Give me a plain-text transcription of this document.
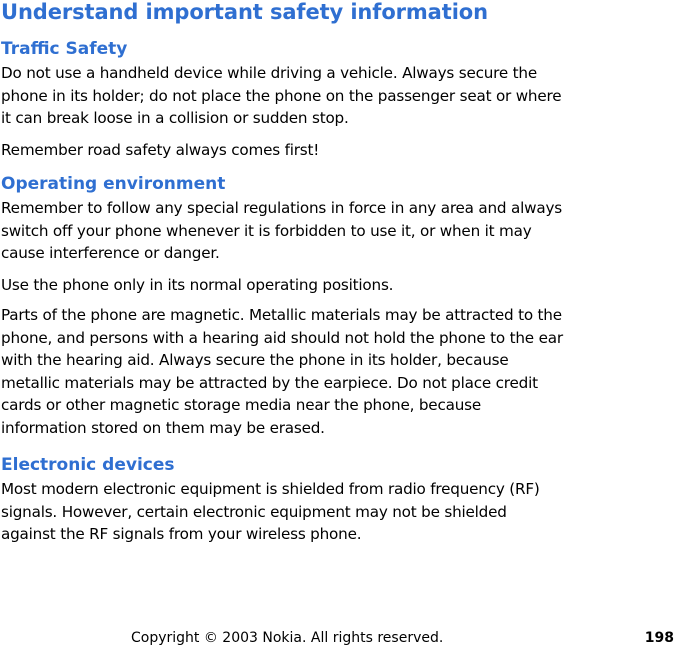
Understand important safety information
Traffic Safety

Do not use a handheld device while driving a vehicle. Always secure the phone in its holder; do not place the phone on the passenger seat or where it can break loose in a collision or sudden stop.

Remember road safety always comes first!

Operating environment

Remember to follow any special regulations in force in any area and always switch off your phone whenever it is forbidden to use it, or when it may cause interference or danger.

Use the phone only in its normal operating positions.

Parts of the phone are magnetic. Metallic materials may be attracted to the phone, and persons with a hearing aid should not hold the phone to the ear with the hearing aid. Always secure the phone in its holder, because metallic materials may be attracted by the earpiece. Do not place credit cards or other magnetic storage media near the phone, because information stored on them may be erased.

Electronic devices

Most modern electronic equipment is shielded from radio frequency (RF) signals. However, certain electronic equipment may not be shielded against the RF signals from your wireless phone.

Copyright © 2003 Nokia. All rights reserved.	198
